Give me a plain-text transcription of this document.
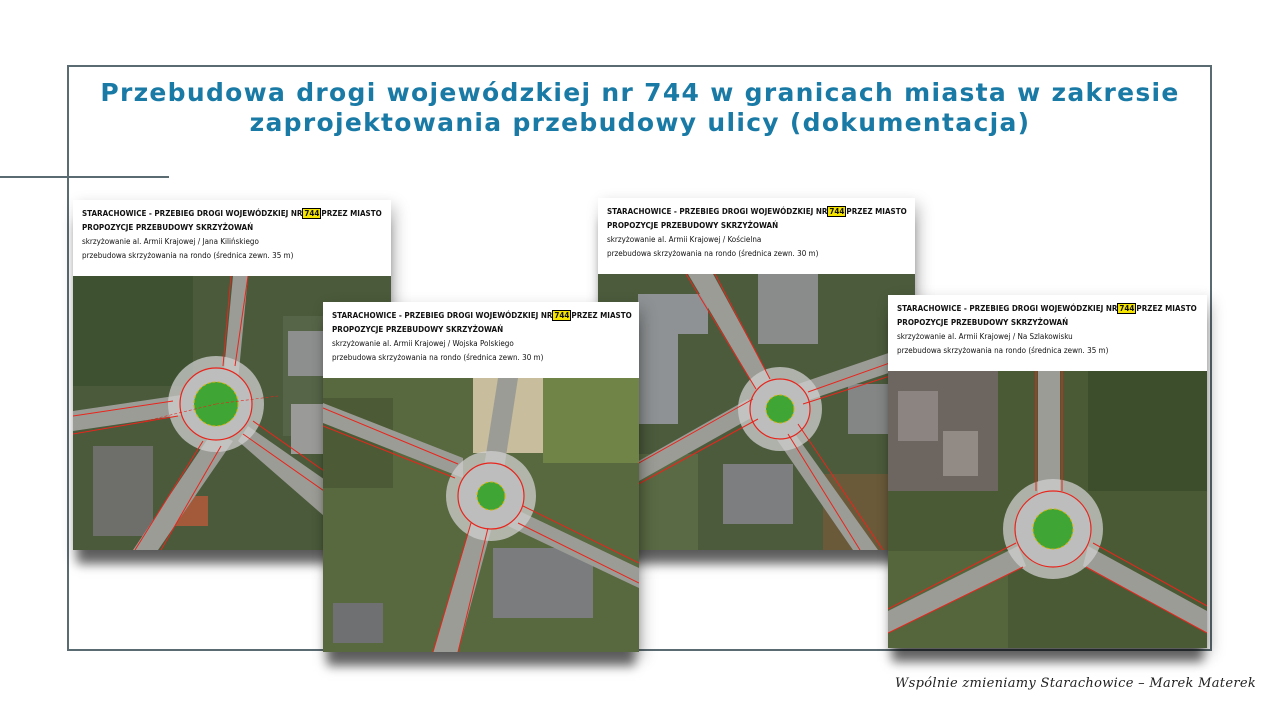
Przebudowa drogi wojewódzkiej nr 744 w granicach miasta w zakresie
zaprojektowania przebudowy ulicy (dokumentacja)
STARACHOWICE - PRZEBIEG DROGI WOJEWÓDZKIEJ NR 744 PRZEZ MIASTO
PROPOZYCJE PRZEBUDOWY SKRZYŻOWAŃ
skrzyżowanie al. Armii Krajowej / Jana Kilińskiego
przebudowa skrzyżowania na rondo (średnica zewn. 35 m)
STARACHOWICE - PRZEBIEG DROGI WOJEWÓDZKIEJ NR 744 PRZEZ MIASTO
PROPOZYCJE PRZEBUDOWY SKRZYŻOWAŃ
skrzyżowanie al. Armii Krajowej / Kościelna
przebudowa skrzyżowania na rondo (średnica zewn. 30 m)
STARACHOWICE - PRZEBIEG DROGI WOJEWÓDZKIEJ NR 744 PRZEZ MIASTO
PROPOZYCJE PRZEBUDOWY SKRZYŻOWAŃ
skrzyżowanie al. Armii Krajowej / Wojska Polskiego
przebudowa skrzyżowania na rondo (średnica zewn. 30 m)
STARACHOWICE - PRZEBIEG DROGI WOJEWÓDZKIEJ NR 744 PRZEZ MIASTO
PROPOZYCJE PRZEBUDOWY SKRZYŻOWAŃ
skrzyżowanie al. Armii Krajowej / Na Szlakowisku
przebudowa skrzyżowania na rondo (średnica zewn. 35 m)

Wspólnie zmieniamy Starachowice – Marek Materek
